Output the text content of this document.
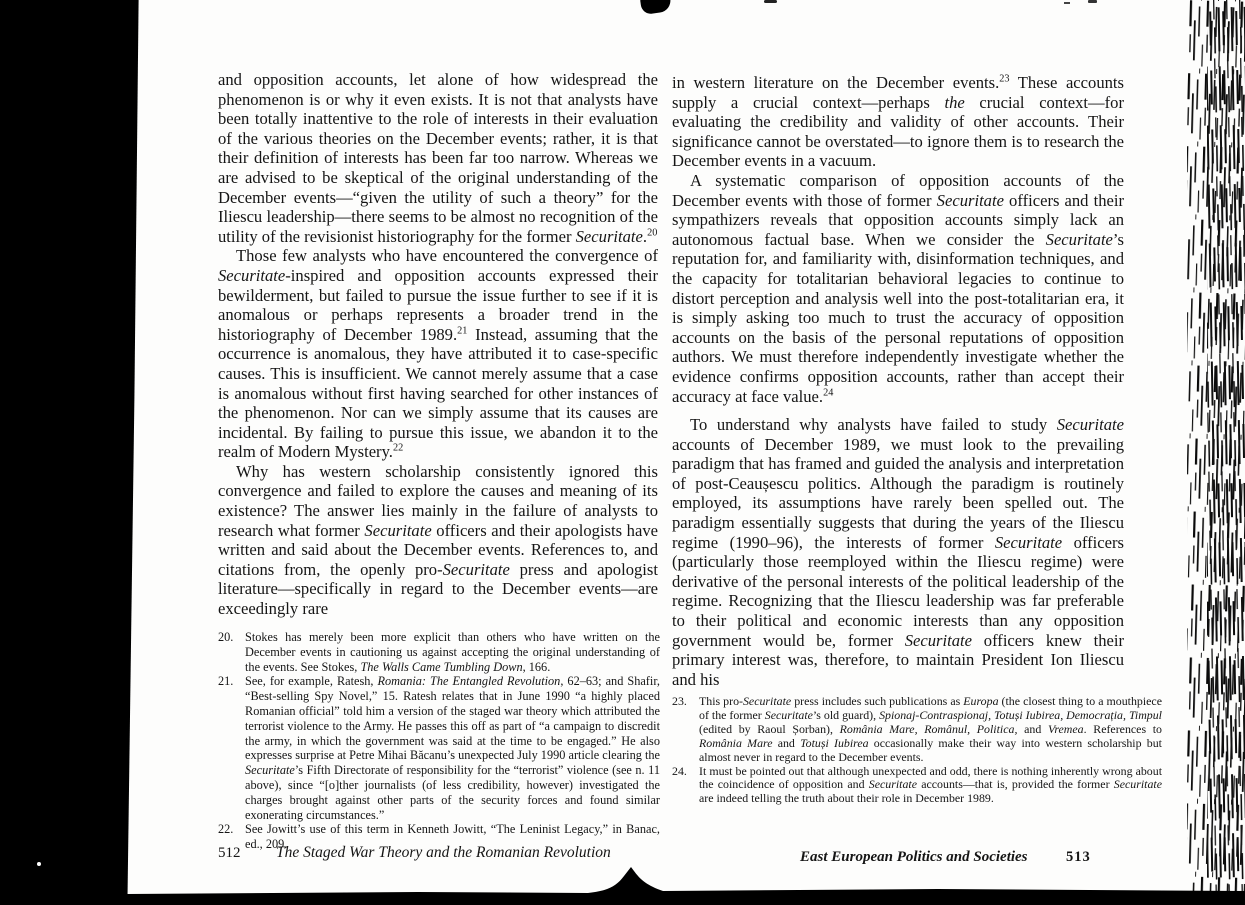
and opposition accounts, let alone of how widespread the phenomenon is or why it even exists. It is not that analysts have been totally inattentive to the role of interests in their evaluation of the various theories on the December events; rather, it is that their definition of interests has been far too narrow. Whereas we are advised to be skeptical of the original understanding of the December events—“given the utility of such a theory” for the Iliescu leadership—there seems to be almost no recognition of the utility of the revisionist historiography for the former Securitate.$^{20}$

Those few analysts who have encountered the convergence of Securitate-inspired and opposition accounts expressed their bewilderment, but failed to pursue the issue further to see if it is anomalous or perhaps represents a broader trend in the historiography of December 1989.21 Instead, assuming that the occurrence is anomalous, they have attributed it to case-specific causes. This is insufficient. We cannot merely assume that a case is anomalous without first having searched for other instances of the phenomenon. Nor can we simply assume that its causes are incidental. By failing to pursue this issue, we abandon it to the realm of Modern Mystery.$^{22}$

Why has western scholarship consistently ignored this convergence and failed to explore the causes and meaning of its existence? The answer lies mainly in the failure of analysts to research what former Securitate officers and their apologists have written and said about the December events. References to, and citations from, the openly pro-Securitate press and apologist literature—specifically in regard to the December events—are exceedingly rare

20. Stokes has merely been more explicit than others who have written on the December events in cautioning us against accepting the original understanding of the events. See Stokes, The Walls Came Tumbling Down, 166.
21. See, for example, Ratesh, Romania: The Entangled Revolution, 62–63; and Shafir, “Best-selling Spy Novel,” 15. Ratesh relates that in June 1990 “a highly placed Romanian official” told him a version of the staged war theory which attributed the terrorist violence to the Army. He passes this off as part of “a campaign to discredit the army, in which the government was said at the time to be engaged.” He also expresses surprise at Petre Mihai Băcanu’s unexpected July 1990 article clearing the Securitate’s Fifth Directorate of responsibility for the “terrorist” violence (see n. 11 above), since “[o]ther journalists (of less credibility, however) investigated the charges brought against other parts of the security forces and found similar exonerating circumstances.”
22. See Jowitt’s use of this term in Kenneth Jowitt, “The Leninist Legacy,” in Banac, ed., 209.

in western literature on the December events.$^{23}$ These accounts supply a crucial context—perhaps the crucial context—for evaluating the credibility and validity of other accounts. Their significance cannot be overstated—to ignore them is to research the December events in a vacuum.

A systematic comparison of opposition accounts of the December events with those of former Securitate officers and their sympathizers reveals that opposition accounts simply lack an autonomous factual base. When we consider the Securitate’s reputation for, and familiarity with, disinformation techniques, and the capacity for totalitarian behavioral legacies to continue to distort perception and analysis well into the post-totalitarian era, it is simply asking too much to trust the accuracy of opposition accounts on the basis of the personal reputations of opposition authors. We must therefore independently investigate whether the evidence confirms opposition accounts, rather than accept their accuracy at face value.$^{24}$

To understand why analysts have failed to study Securitate accounts of December 1989, we must look to the prevailing paradigm that has framed and guided the analysis and interpretation of post-Ceaușescu politics. Although the paradigm is routinely employed, its assumptions have rarely been spelled out. The paradigm essentially suggests that during the years of the Iliescu regime (1990–96), the interests of former Securitate officers (particularly those reemployed within the Iliescu regime) were derivative of the personal interests of the political leadership of the regime. Recognizing that the Iliescu leadership was far preferable to their political and economic interests than any opposition government would be, former Securitate officers knew their primary interest was, therefore, to maintain President Ion Iliescu and his

23.	This pro-Securitate press includes such publications as Europa (the closest thing to a mouthpiece of the former Securitate’s old guard), Spionaj-Contraspionaj, Totuși Iubirea, Democrația, Timpul (edited by Raoul Șorban), România Mare, Românul, Politica, and Vremea. References to România Mare and Totuși Iubirea occasionally make their way into western scholarship but almost never in regard to the December events.
24.	It must be pointed out that although unexpected and odd, there is nothing inherently wrong about the coincidence of opposition and Securitate accounts—that is, provided the former Securitate are indeed telling the truth about their role in December 1989.
512 The Staged War Theory and the Romanian Revolution	East European Politics and Societies	513
